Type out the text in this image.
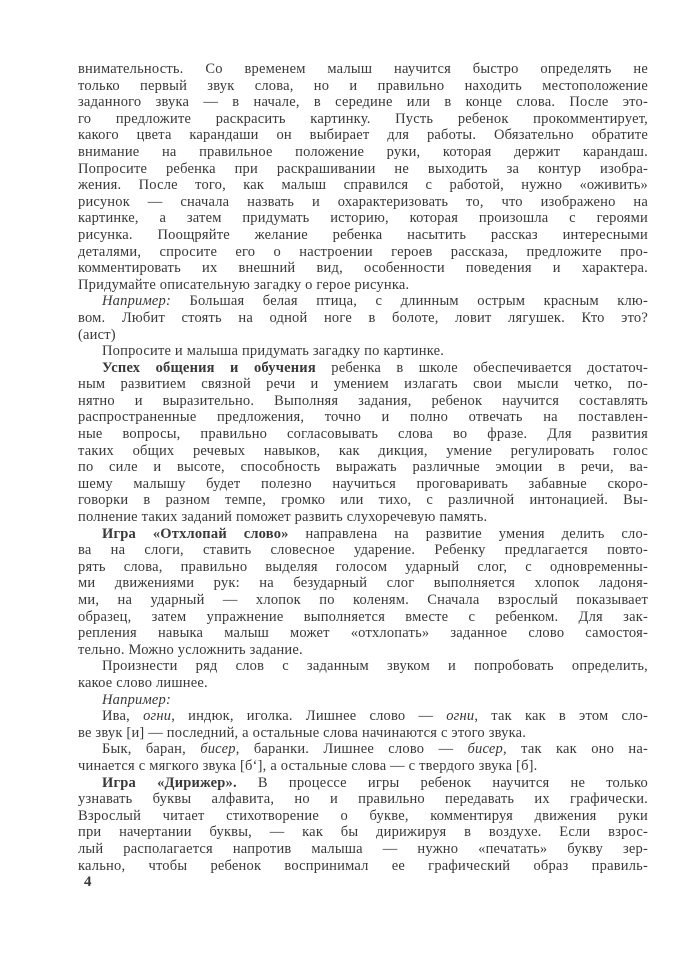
внимательность. Со временем малыш научится быстро определять не
только первый звук слова, но и правильно находить местоположение
заданного звука — в начале, в середине или в конце слова. После это-
го предложите раскрасить картинку. Пусть ребенок прокомментирует,
какого цвета карандаши он выбирает для работы. Обязательно обратите
внимание на правильное положение руки, которая держит карандаш.
Попросите ребенка при раскрашивании не выходить за контур изобра-
жения. После того, как малыш справился с работой, нужно «оживить»
рисунок — сначала назвать и охарактеризовать то, что изображено на
картинке, а затем придумать историю, которая произошла с героями
рисунка. Поощряйте желание ребенка насытить рассказ интересными
деталями, спросите его о настроении героев рассказа, предложите про-
комментировать их внешний вид, особенности поведения и характера.
Придумайте описательную загадку о герое рисунка.
Например: Большая белая птица, с длинным острым красным клю-
вом. Любит стоять на одной ноге в болоте, ловит лягушек. Кто это?
(аист)
Попросите и малыша придумать загадку по картинке.
Успех общения и обучения ребенка в школе обеспечивается достаточ-
ным развитием связной речи и умением излагать свои мысли четко, по-
нятно и выразительно. Выполняя задания, ребенок научится составлять
распространенные предложения, точно и полно отвечать на поставлен-
ные вопросы, правильно согласовывать слова во фразе. Для развития
таких общих речевых навыков, как дикция, умение регулировать голос
по силе и высоте, способность выражать различные эмоции в речи, ва-
шему малышу будет полезно научиться проговаривать забавные скоро-
говорки в разном темпе, громко или тихо, с различной интонацией. Вы-
полнение таких заданий поможет развить слухоречевую память.
Игра «Отхлопай слово» направлена на развитие умения делить сло-
ва на слоги, ставить словесное ударение. Ребенку предлагается повто-
рять слова, правильно выделяя голосом ударный слог, с одновременны-
ми движениями рук: на безударный слог выполняется хлопок ладоня-
ми, на ударный — хлопок по коленям. Сначала взрослый показывает
образец, затем упражнение выполняется вместе с ребенком. Для зак-
репления навыка малыш может «отхлопать» заданное слово самостоя-
тельно. Можно усложнить задание.
Произнести ряд слов с заданным звуком и попробовать определить,
какое слово лишнее.
Например:
Ива, огни, индюк, иголка. Лишнее слово — огни, так как в этом сло-
ве звук [и] — последний, а остальные слова начинаются с этого звука.
Бык, баран, бисер, баранки. Лишнее слово — бисер, так как оно на-
чинается с мягкого звука [б‘], а остальные слова — с твердого звука [б].
Игра «Дирижер». В процессе игры ребенок научится не только
узнавать буквы алфавита, но и правильно передавать их графически.
Взрослый читает стихотворение о букве, комментируя движения руки
при начертании буквы, — как бы дирижируя в воздухе. Если взрос-
лый располагается напротив малыша — нужно «печатать» букву зер-
кально, чтобы ребенок воспринимал ее графический образ правиль-
4
